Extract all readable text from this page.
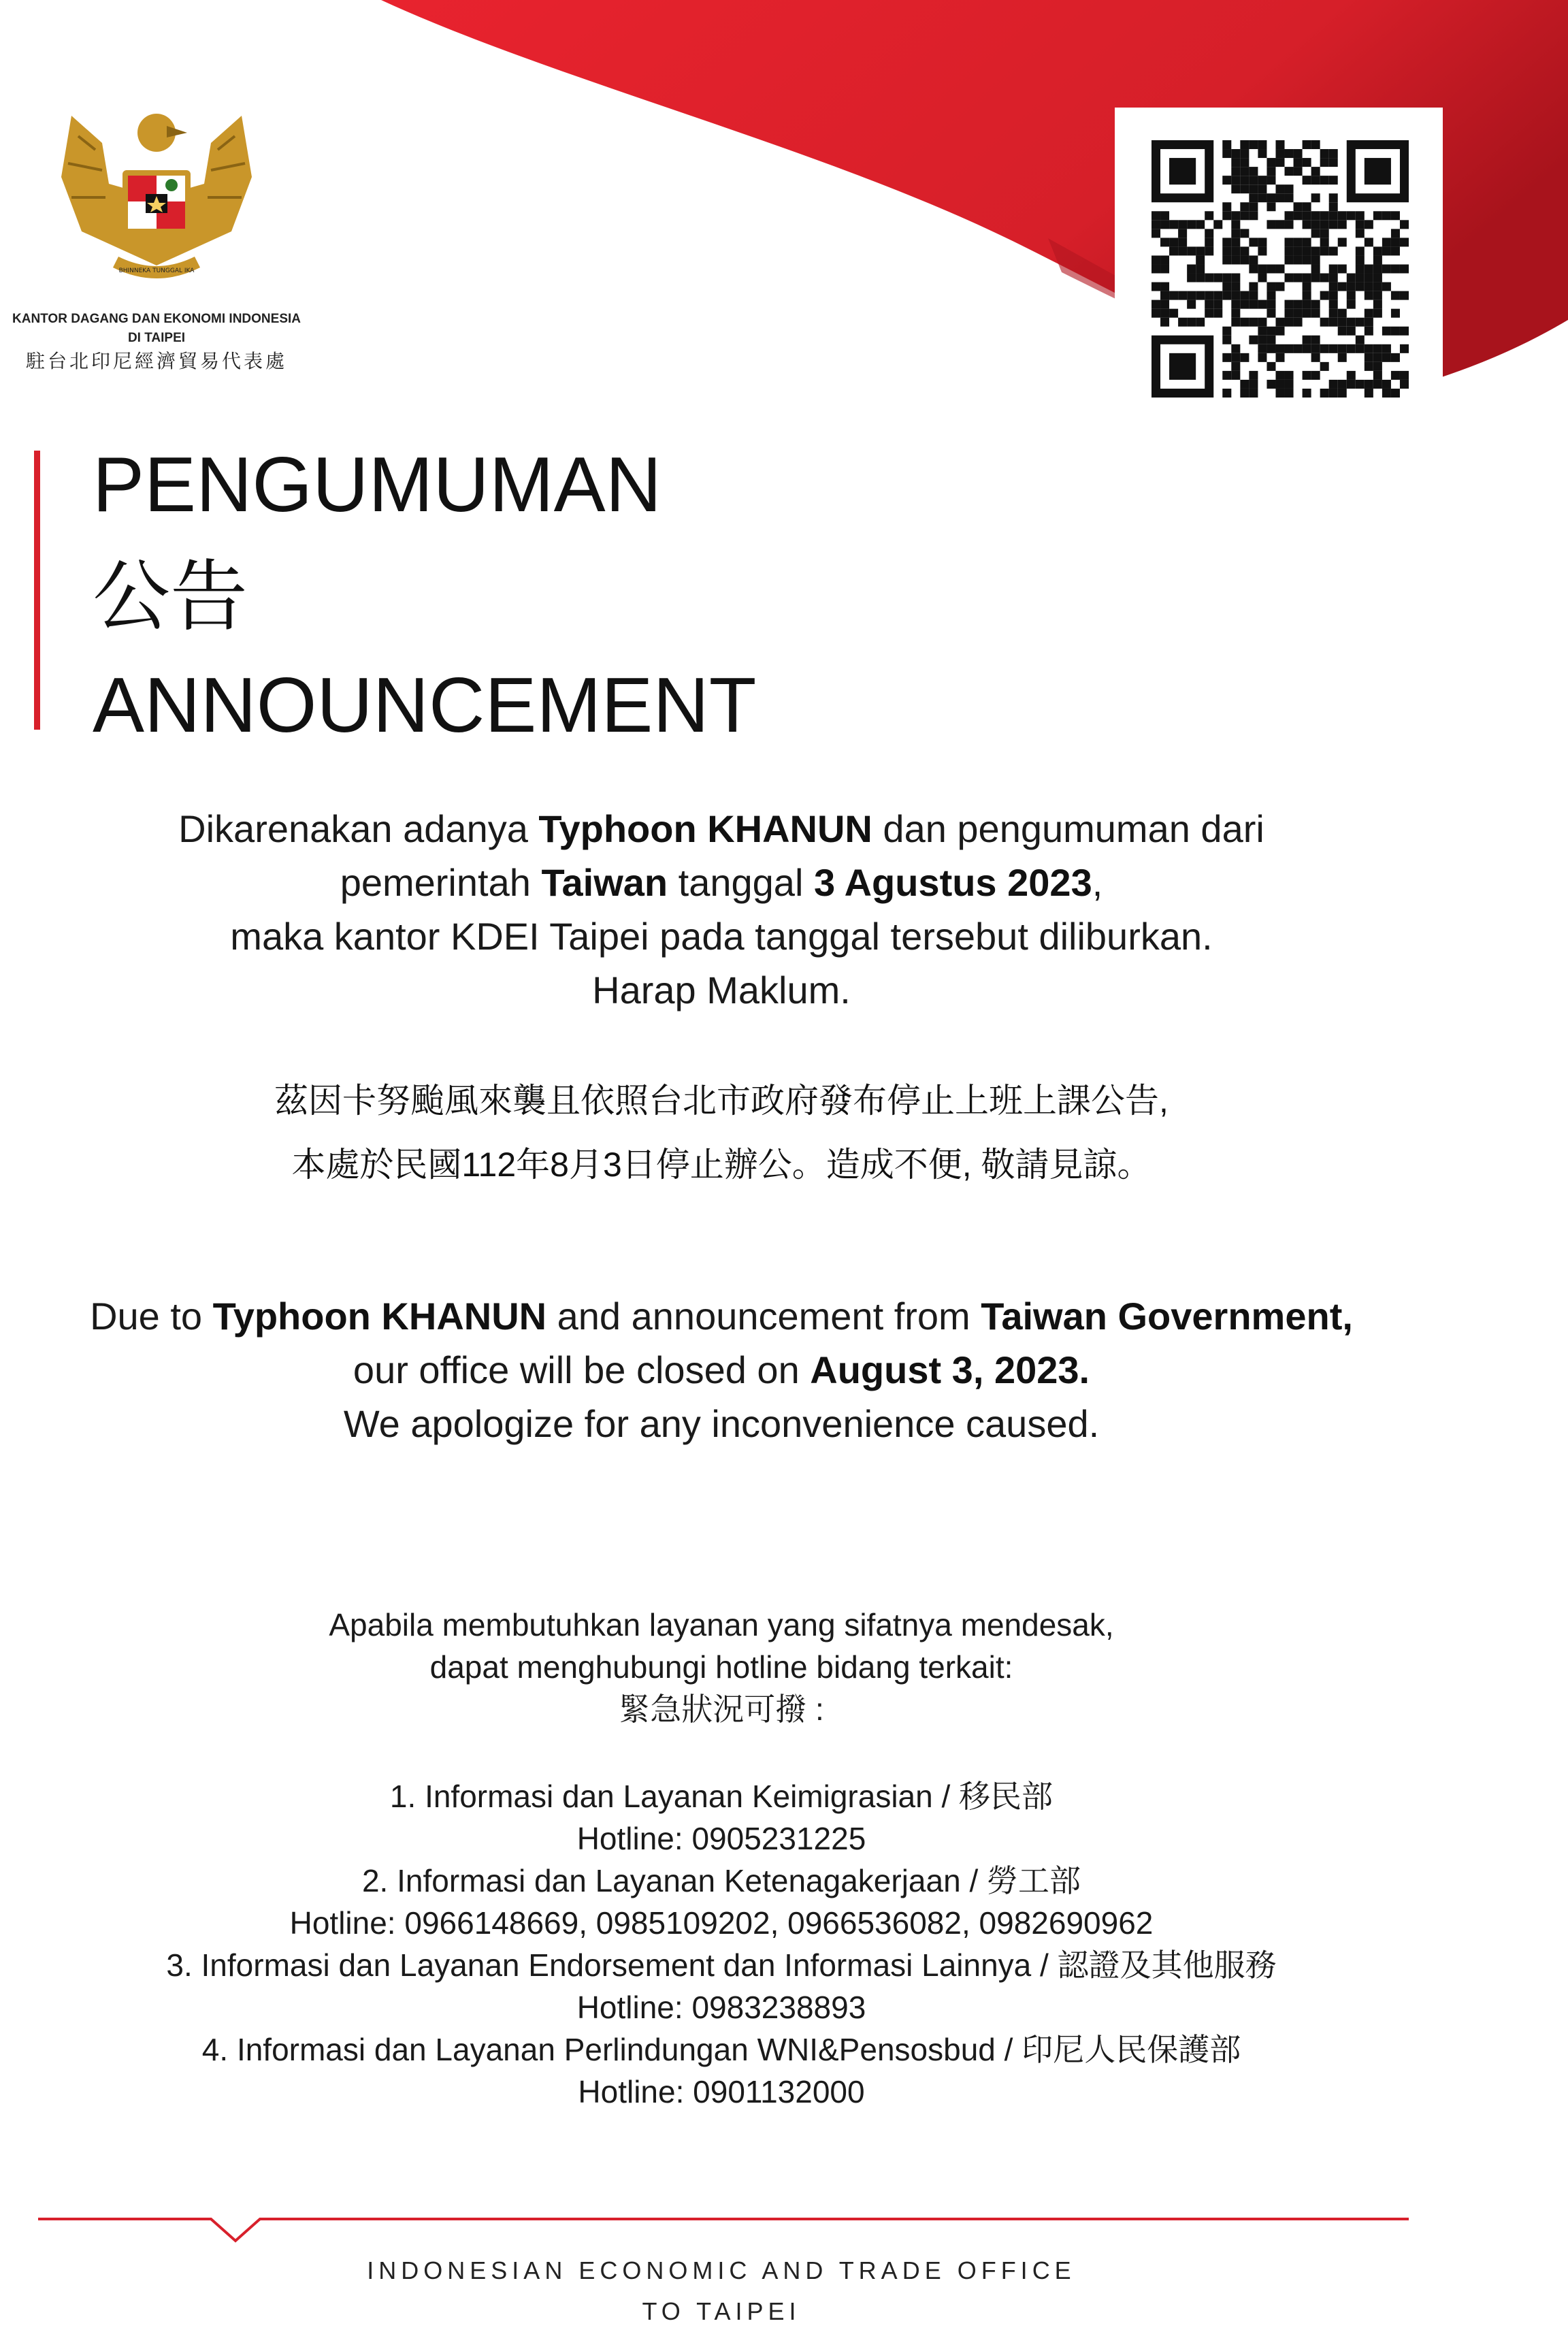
BHINNEKA TUNGGAL IKA
KANTOR DAGANG DAN EKONOMI INDONESIA
DI TAIPEI
駐台北印尼經濟貿易代表處
PENGUMUMAN
公告
ANNOUNCEMENT
Dikarenakan adanya Typhoon KHANUN dan pengumuman dari
pemerintah Taiwan tanggal 3 Agustus 2023,
maka kantor KDEI Taipei pada tanggal tersebut diliburkan.
Harap Maklum.
茲因卡努颱風來襲且依照台北市政府發布停止上班上課公告,
本處於民國112年8月3日停止辦公。造成不便, 敬請見諒。
Due to Typhoon KHANUN and announcement from Taiwan Government,
our office will be closed on August 3, 2023.
We apologize for any inconvenience caused.
Apabila membutuhkan layanan yang sifatnya mendesak,
dapat menghubungi hotline bidang terkait:
緊急狀況可撥 :
1. Informasi dan Layanan Keimigrasian / 移民部
Hotline: 0905231225
2. Informasi dan Layanan Ketenagakerjaan / 勞工部
Hotline: 0966148669, 0985109202, 0966536082, 0982690962
3. Informasi dan Layanan Endorsement dan Informasi Lainnya / 認證及其他服務
Hotline: 0983238893
4. Informasi dan Layanan Perlindungan WNI&Pensosbud / 印尼人民保護部
Hotline: 0901132000
INDONESIAN ECONOMIC AND TRADE OFFICE
TO TAIPEI
